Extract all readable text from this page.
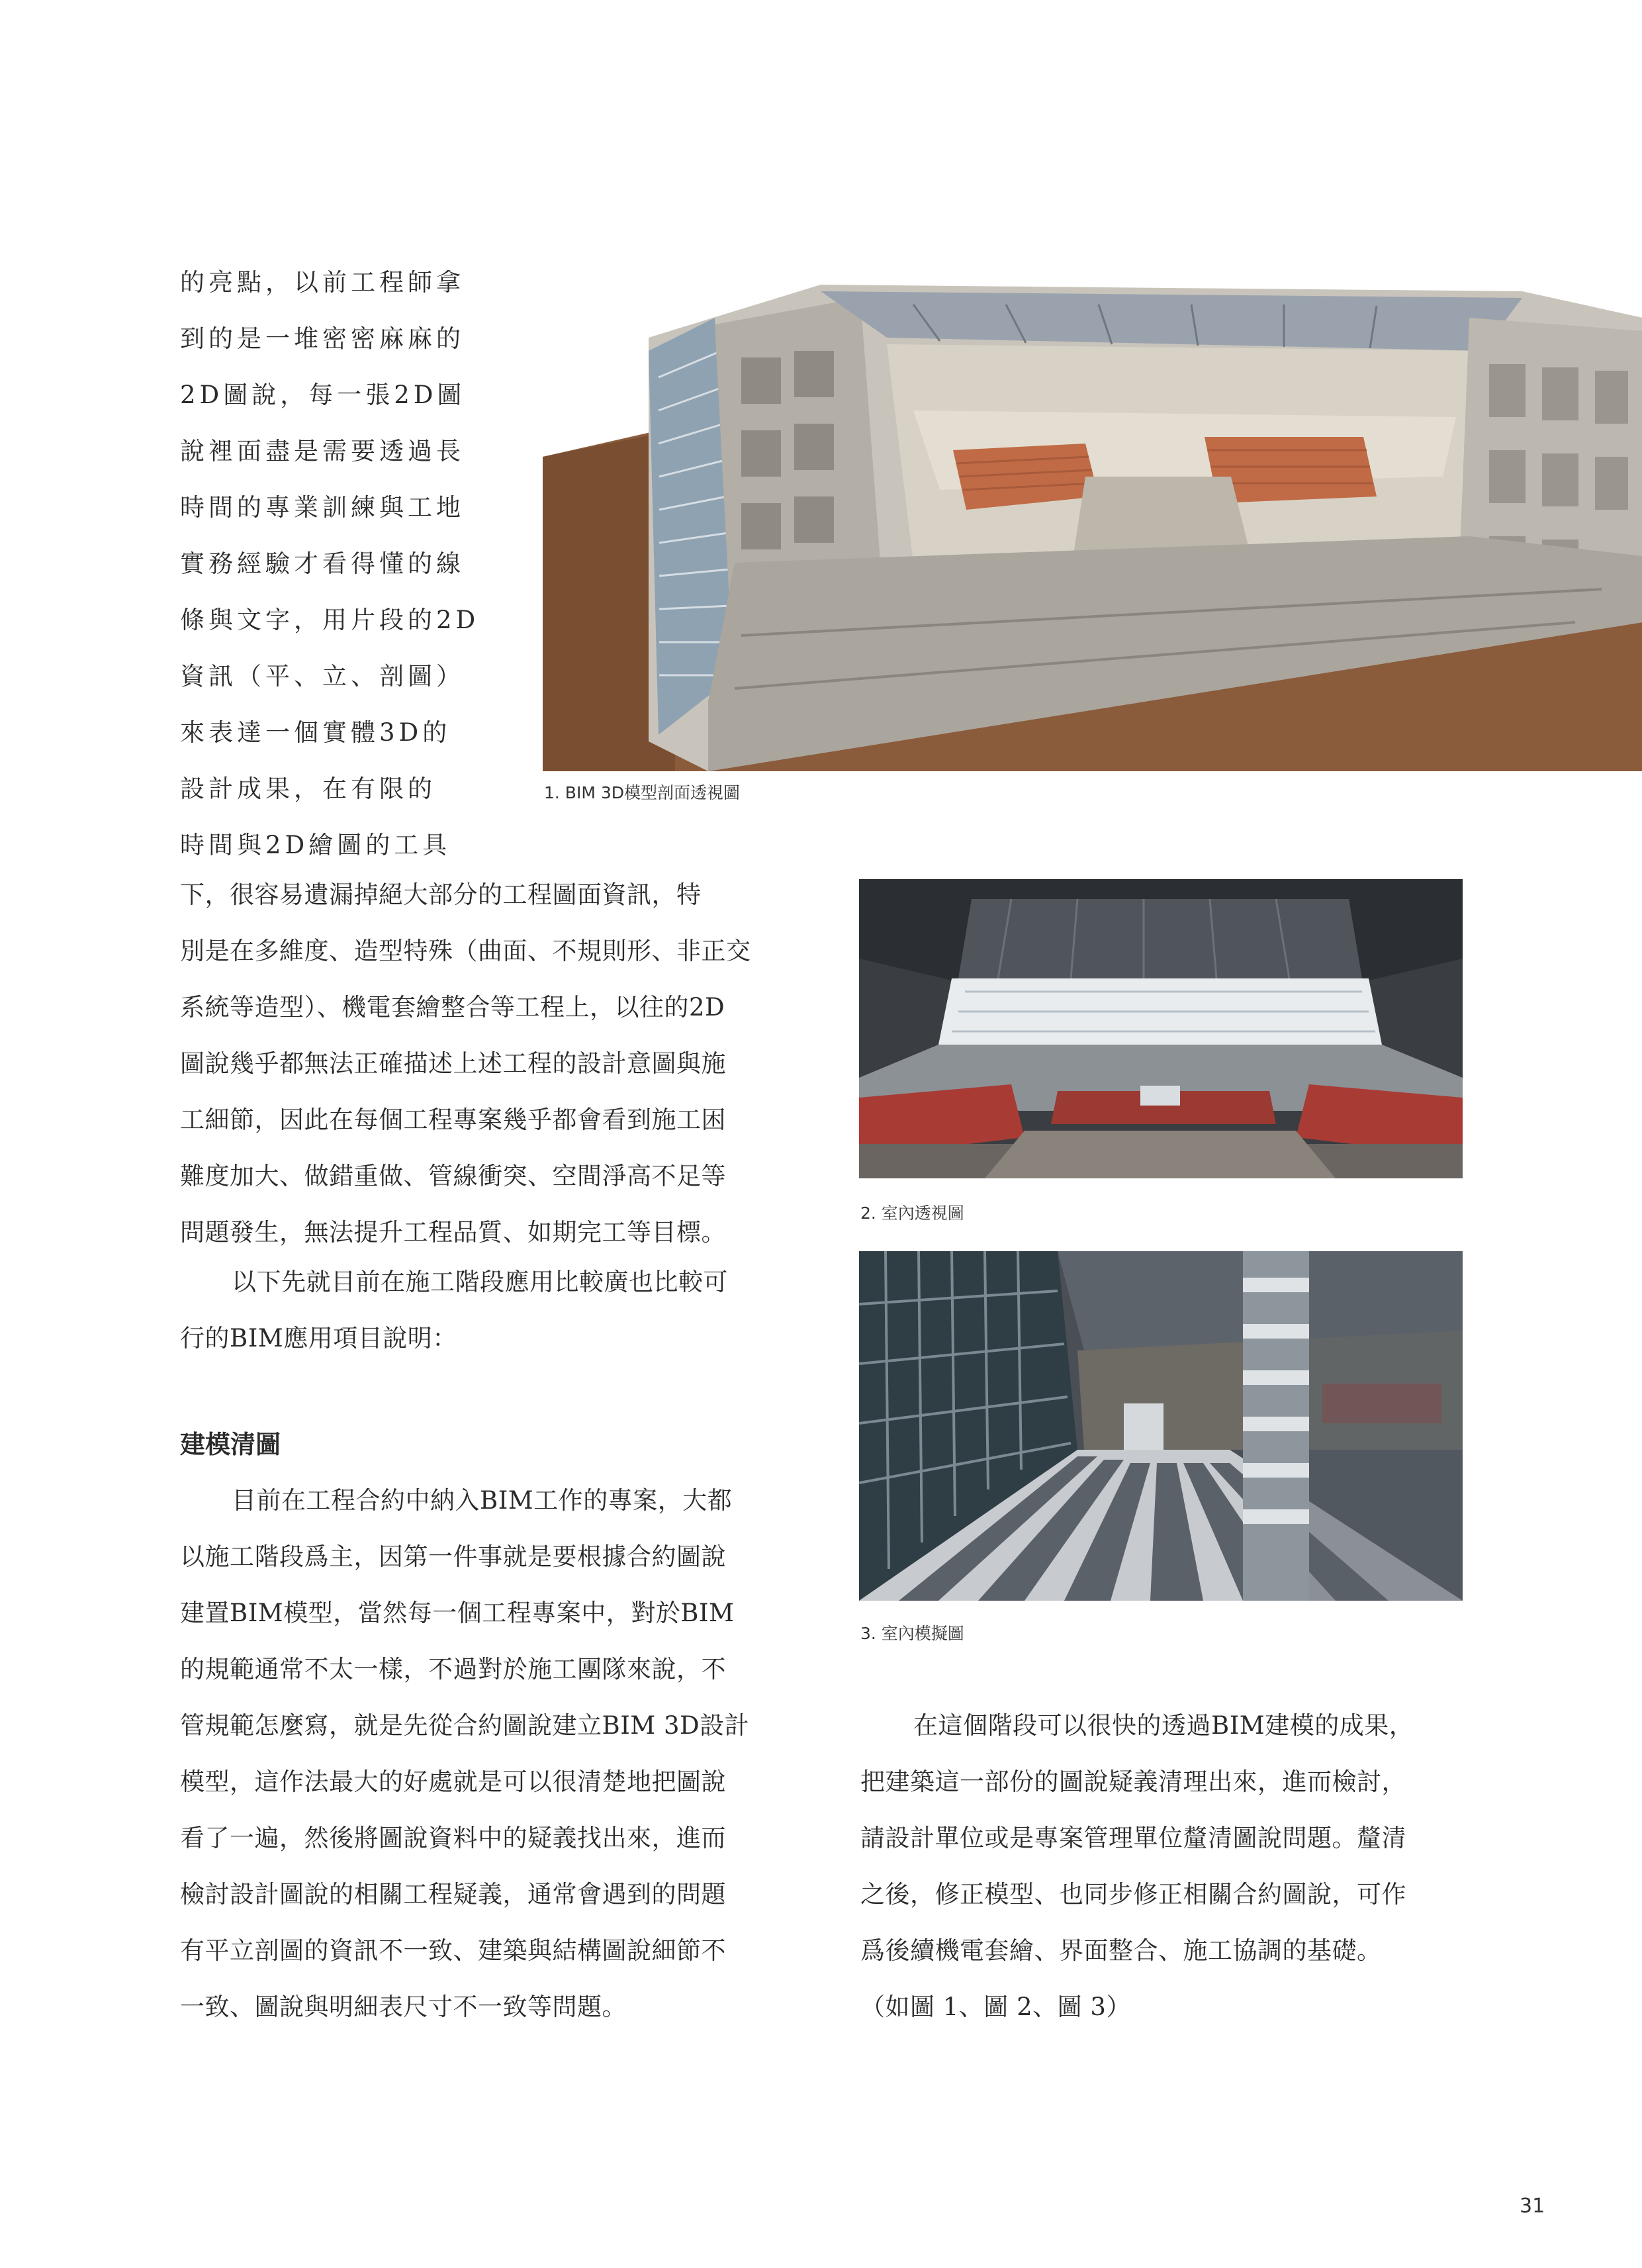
的亮點，以前工程師拿
到的是一堆密密麻麻的
2D圖說，每一張2D圖
說裡面盡是需要透過長
時間的專業訓練與工地
實務經驗才看得懂的線
條與文字，用片段的2D
資訊（平、立、剖圖）
來表達一個實體3D的
設計成果，在有限的
時間與2D繪圖的工具
下，很容易遺漏掉絕大部分的工程圖面資訊，特
別是在多維度、造型特殊（曲面、不規則形、非正交
系統等造型）、機電套繪整合等工程上，以往的2D
圖說幾乎都無法正確描述上述工程的設計意圖與施
工細節，因此在每個工程專案幾乎都會看到施工困
難度加大、做錯重做、管線衝突、空間淨高不足等
問題發生，無法提升工程品質、如期完工等目標。
以下先就目前在施工階段應用比較廣也比較可
行的BIM應用項目說明：
建模清圖
目前在工程合約中納入BIM工作的專案，大都
以施工階段爲主，因第一件事就是要根據合約圖說
建置BIM模型，當然每一個工程專案中，對於BIM
的規範通常不太一樣，不過對於施工團隊來說，不
管規範怎麼寫，就是先從合約圖說建立BIM 3D設計
模型，這作法最大的好處就是可以很清楚地把圖說
看了一遍，然後將圖說資料中的疑義找出來，進而
檢討設計圖說的相關工程疑義，通常會遇到的問題
有平立剖圖的資訊不一致、建築與結構圖說細節不
一致、圖說與明細表尺寸不一致等問題。
在這個階段可以很快的透過BIM建模的成果，
把建築這一部份的圖說疑義清理出來，進而檢討，
請設計單位或是專案管理單位釐清圖說問題。釐清
之後，修正模型、也同步修正相關合約圖說，可作
爲後續機電套繪、界面整合、施工協調的基礎。
（如圖 1、圖 2、圖 3）
1. BIM 3D模型剖面透視圖
2. 室內透視圖
3. 室內模擬圖
31
